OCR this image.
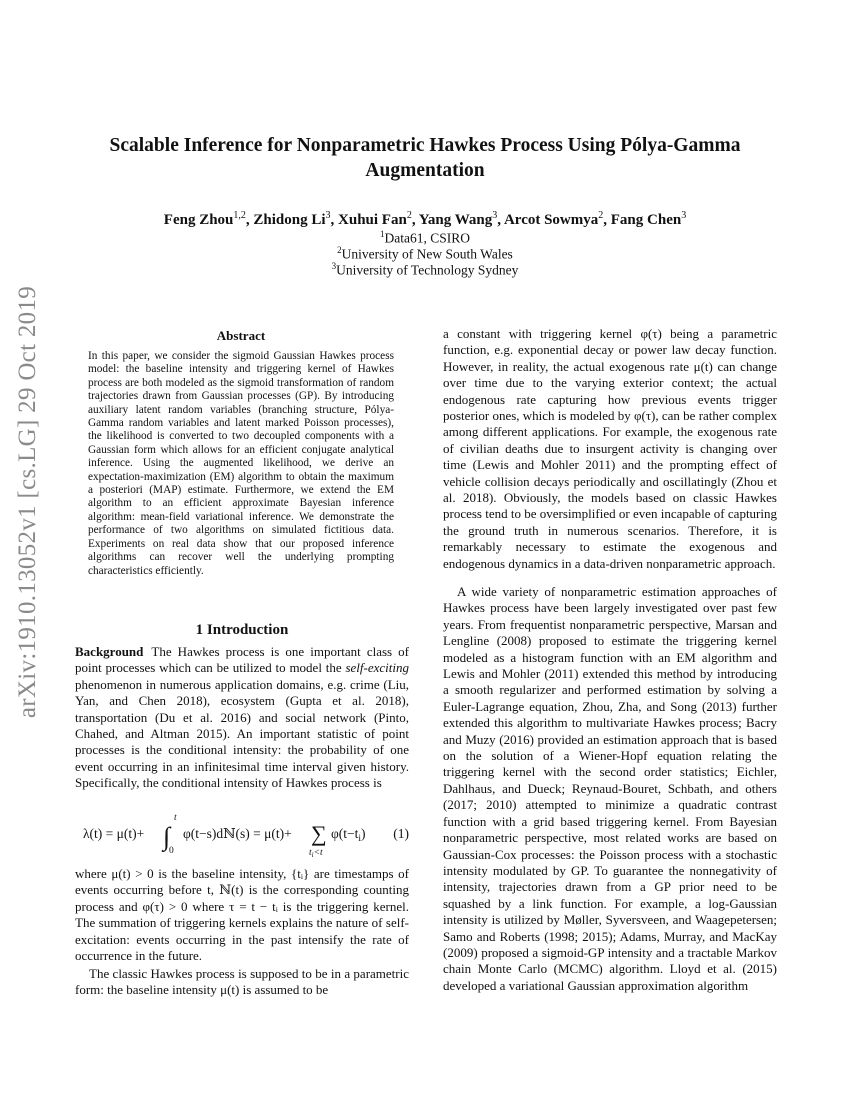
arXiv:1910.13052v1 [cs.LG] 29 Oct 2019
Scalable Inference for Nonparametric Hawkes Process Using Pólya-Gamma
Augmentation
Feng Zhou$^{1,2}$, Zhidong Li$^3$, Xuhui Fan$^2$, Yang Wang$^3$, Arcot Sowmya$^2$, Fang Chen$^3$
$^1$Data61, CSIRO
$^2$University of New South Wales
$^3$University of Technology Sydney
Abstract
In this paper, we consider the sigmoid Gaussian Hawkes process model: the baseline intensity and triggering kernel of Hawkes process are both modeled as the sigmoid transformation of random trajectories drawn from Gaussian processes (GP). By introducing auxiliary latent random variables (branching structure, Pólya-Gamma random variables and latent marked Poisson processes), the likelihood is converted to two decoupled components with a Gaussian form which allows for an efficient conjugate analytical inference. Using the augmented likelihood, we derive an expectation-maximization (EM) algorithm to obtain the maximum a posteriori (MAP) estimate. Furthermore, we extend the EM algorithm to an efficient approximate Bayesian inference algorithm: mean-field variational inference. We demonstrate the performance of two algorithms on simulated fictitious data. Experiments on real data show that our proposed inference algorithms can recover well the underlying prompting characteristics efficiently.
1 Introduction

Background The Hawkes process is one important class of point processes which can be utilized to model the self-exciting phenomenon in numerous application domains, e.g. crime (Liu, Yan, and Chen 2018), ecosystem (Gupta et al. 2018), transportation (Du et al. 2016) and social network (Pinto, Chahed, and Altman 2015). An important statistic of point processes is the conditional intensity: the probability of one event occurring in an infinitesimal time interval given history. Specifically, the conditional intensity of Hawkes process is

λ(t) = μ(t)+ ∫
t
0
φ(t−s)dℕ(s) = μ(t)+ ∑
$t_i<t$
$\varphi(t-t_i)$ (1)

where μ(t) > 0 is the baseline intensity, {tᵢ} are timestamps of events occurring before t, ℕ(t) is the corresponding counting process and φ(τ) > 0 where τ = t − tᵢ is the triggering kernel. The summation of triggering kernels explains the nature of self-excitation: events occurring in the past intensify the rate of occurrence in the future.

The classic Hawkes process is supposed to be in a parametric form: the baseline intensity μ(t) is assumed to be

a constant with triggering kernel φ(τ) being a parametric function, e.g. exponential decay or power law decay function. However, in reality, the actual exogenous rate μ(t) can change over time due to the varying exterior context; the actual endogenous rate capturing how previous events trigger posterior ones, which is modeled by φ(τ), can be rather complex among different applications. For example, the exogenous rate of civilian deaths due to insurgent activity is changing over time (Lewis and Mohler 2011) and the prompting effect of vehicle collision decays periodically and oscillatingly (Zhou et al. 2018). Obviously, the models based on classic Hawkes process tend to be oversimplified or even incapable of capturing the ground truth in numerous scenarios. Therefore, it is remarkably necessary to estimate the exogenous and endogenous dynamics in a data-driven nonparametric approach.

A wide variety of nonparametric estimation approaches of Hawkes process have been largely investigated over past few years. From frequentist nonparametric perspective, Marsan and Lengline (2008) proposed to estimate the triggering kernel modeled as a histogram function with an EM algorithm and Lewis and Mohler (2011) extended this method by introducing a smooth regularizer and performed estimation by solving a Euler-Lagrange equation, Zhou, Zha, and Song (2013) further extended this algorithm to multivariate Hawkes process; Bacry and Muzy (2016) provided an estimation approach that is based on the solution of a Wiener-Hopf equation relating the triggering kernel with the second order statistics; Eichler, Dahlhaus, and Dueck; Reynaud-Bouret, Schbath, and others (2017; 2010) attempted to minimize a quadratic contrast function with a grid based triggering kernel. From Bayesian nonparametric perspective, most related works are based on Gaussian-Cox processes: the Poisson process with a stochastic intensity modulated by GP. To guarantee the nonnegativity of intensity, trajectories drawn from a GP prior need to be squashed by a link function. For example, a log-Gaussian intensity is utilized by Møller, Syversveen, and Waagepetersen; Samo and Roberts (1998; 2015); Adams, Murray, and MacKay (2009) proposed a sigmoid-GP intensity and a tractable Markov chain Monte Carlo (MCMC) algorithm. Lloyd et al. (2015) developed a variational Gaussian approximation algorithm
